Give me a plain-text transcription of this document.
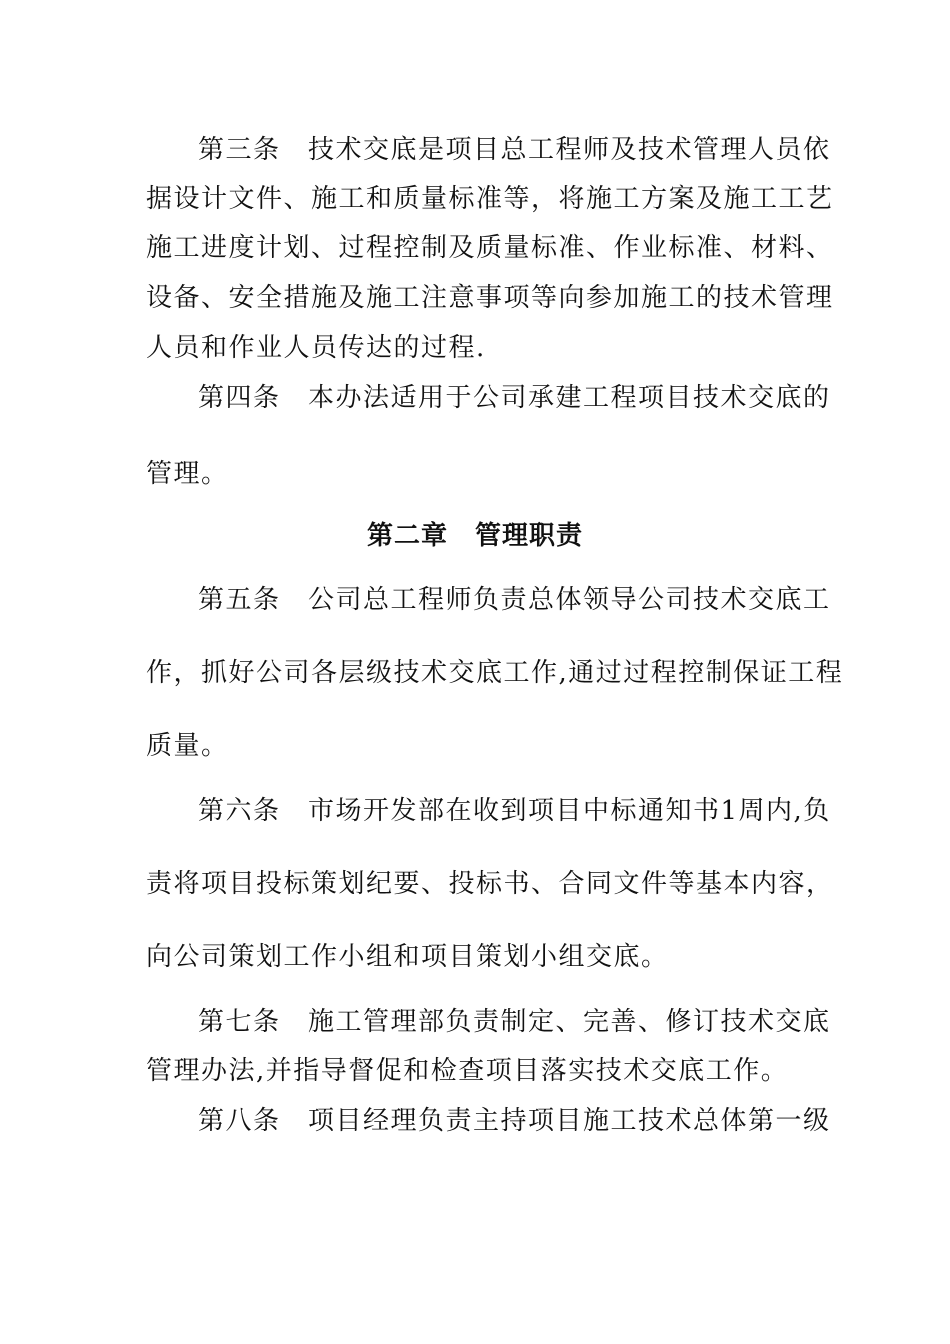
第三条　技术交底是项目总工程师及技术管理人员依
据设计文件、施工和质量标准等，将施工方案及施工工艺
施工进度计划、过程控制及质量标准、作业标准、材料、
设备、安全措施及施工注意事项等向参加施工的技术管理
人员和作业人员传达的过程.
第四条　本办法适用于公司承建工程项目技术交底的
管理。
第二章　管理职责
第五条　公司总工程师负责总体领导公司技术交底工
作，抓好公司各层级技术交底工作,通过过程控制保证工程
质量。
第六条　市场开发部在收到项目中标通知书1周内,负
责将项目投标策划纪要、投标书、合同文件等基本内容，
向公司策划工作小组和项目策划小组交底。
第七条　施工管理部负责制定、完善、修订技术交底
管理办法,并指导督促和检查项目落实技术交底工作。
第八条　项目经理负责主持项目施工技术总体第一级
